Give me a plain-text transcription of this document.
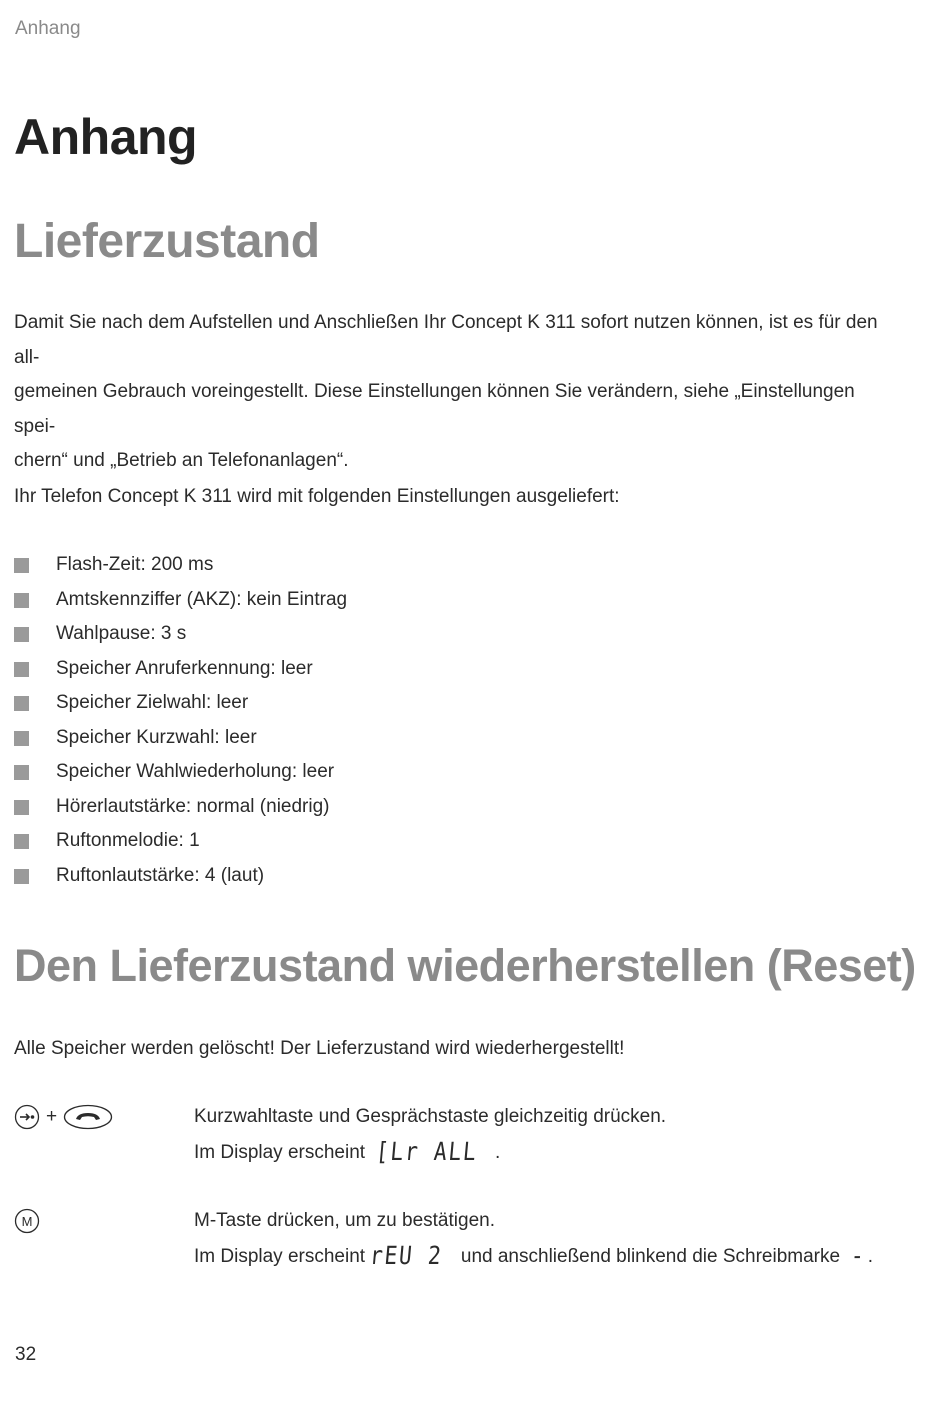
Anhang
Anhang
Lieferzustand
Damit Sie nach dem Aufstellen und Anschließen Ihr Concept K 311 sofort nutzen können, ist es für den all-
gemeinen Gebrauch voreingestellt. Diese Einstellungen können Sie verändern, siehe „Einstellungen spei-
chern“ und „Betrieb an Telefonanlagen“.
Ihr Telefon Concept K 311 wird mit folgenden Einstellungen ausgeliefert:
Flash-Zeit: 200 ms
Amtskennziffer (AKZ): kein Eintrag
Wahlpause: 3 s
Speicher Anruferkennung: leer
Speicher Zielwahl: leer
Speicher Kurzwahl: leer
Speicher Wahlwiederholung: leer
Hörerlautstärke: normal (niedrig)
Ruftonmelodie: 1
Ruftonlautstärke: 4 (laut)
Den Lieferzustand wiederherstellen (Reset)
Alle Speicher werden gelöscht! Der Lieferzustand wird wiederhergestellt!
+	Kurzwahltaste und Gesprächstaste gleichzeitig drücken.
Im Display erscheint [Lr ALL .
M	M-Taste drücken, um zu bestätigen.
Im Display erscheint rEU 2 und anschließend blinkend die Schreibmarke -.
32
